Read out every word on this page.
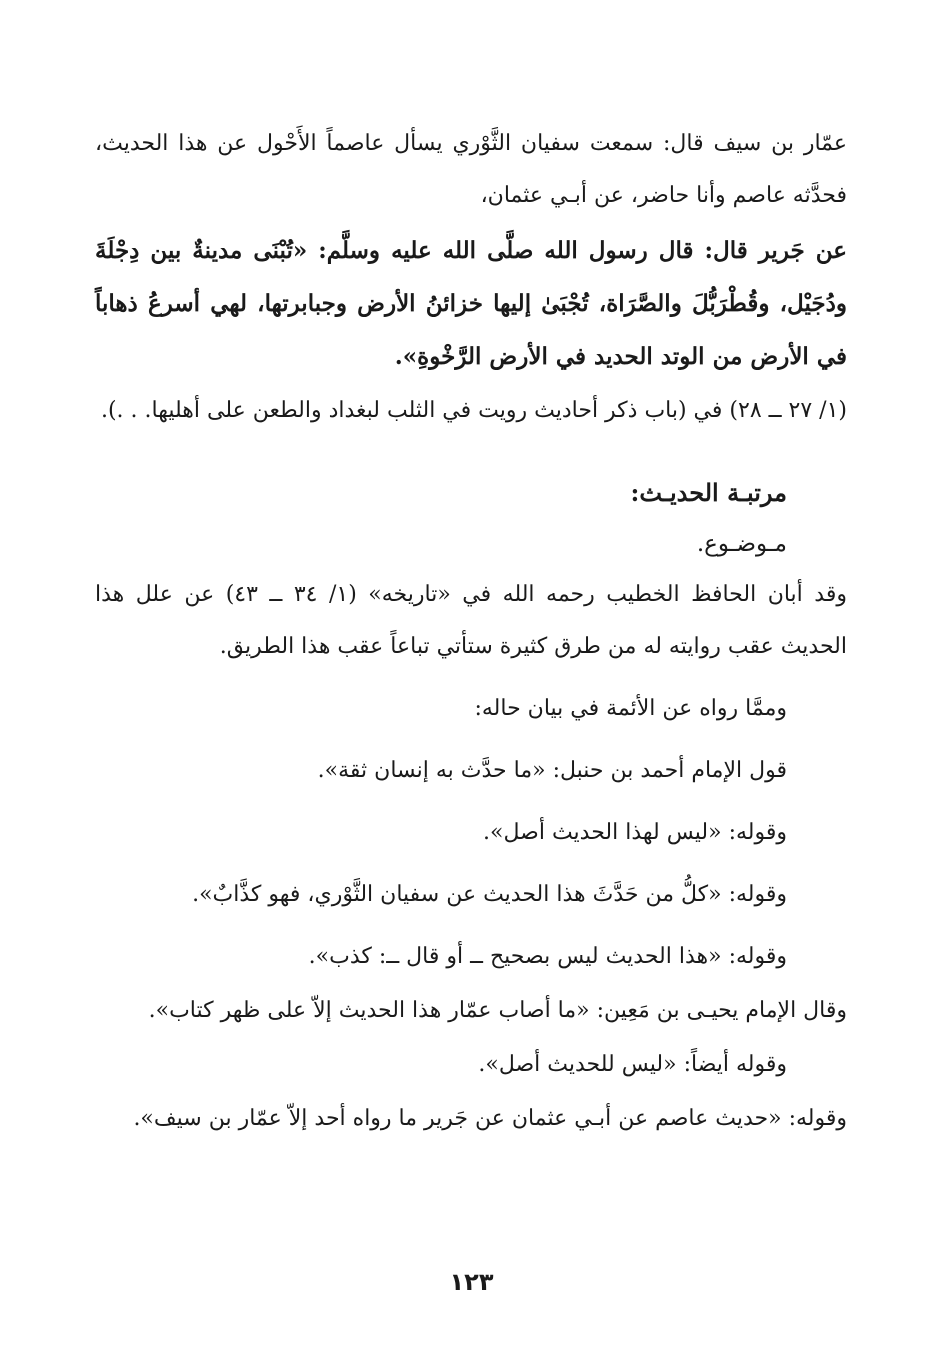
عمّار بن سيف قال: سمعت سفيان الثَّوْري يسأل عاصماً الأَحْول عن هذا الحديث، فحدَّثه عاصم وأنا حاضر، عن أبـي عثمان،

عن جَرير قال: قال رسول الله صلَّى الله عليه وسلَّم: «تُبْنَى مدينةٌ بين دِجْلَةَ ودُجَيْل، وقُطْرَبُّلَ والصَّرَاة، تُجْبَىٰ إليها خزائنُ الأرض وجبابرتها، لهي أسرعُ ذهاباً في الأرض من الوتد الحديد في الأرض الرَّخْوةِ».

(١/ ٢٧ ــ ٢٨) في (باب ذكر أحاديث رويت في الثلب لبغداد والطعن على أهليها. . .).

مرتبـة الحديـث:

مـوضـوع.

وقد أبان الحافظ الخطيب رحمه الله في «تاريخه» (١/ ٣٤ ــ ٤٣) عن علل هذا الحديث عقب روايته له من طرق كثيرة ستأتي تباعاً عقب هذا الطريق.

وممَّا رواه عن الأئمة في بيان حاله:

قول الإمام أحمد بن حنبل: «ما حدَّث به إنسان ثقة».

وقوله: «ليس لهذا الحديث أصل».

وقوله: «كلُّ من حَدَّثَ هذا الحديث عن سفيان الثَّوْري، فهو كذَّابٌ».

وقوله: «هذا الحديث ليس بصحيح ــ أو قال ــ: كذب».

وقال الإمام يحيـى بن مَعِين: «ما أصاب عمّار هذا الحديث إلاّ على ظهر كتاب».

وقوله أيضاً: «ليس للحديث أصل».

وقوله: «حديث عاصم عن أبـي عثمان عن جَرير ما رواه أحد إلاّ عمّار بن سيف».

١٢٣
